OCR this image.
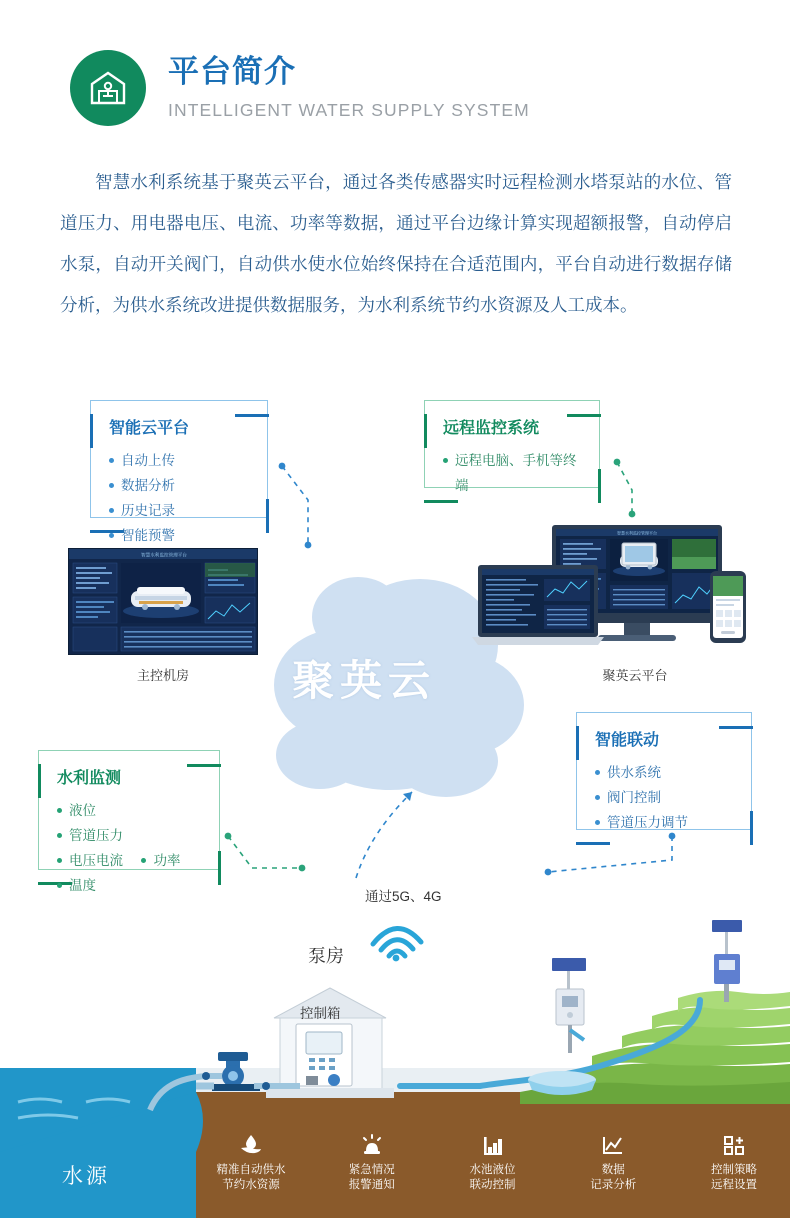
平台简介
INTELLIGENT WATER SUPPLY SYSTEM
智慧水利系统基于聚英云平台，通过各类传感器实时远程检测水塔泵站的水位、管道压力、用电器电压、电流、功率等数据，通过平台边缘计算实现超额报警，自动停启水泵，自动开关阀门，自动供水使水位始终保持在合适范围内，平台自动进行数据存储分析，为供水系统改进提供数据服务，为水利系统节约水资源及人工成本。
聚英云
智慧水利监控管理平台
主控机房
智慧水利监控管理平台
聚英云平台
智能云平台
自动上传 数据分析
历史记录 智能预警
远程监控系统
远程电脑、手机等终端
智能联动
供水系统 阀门控制
管道压力调节
水利监测
液位 管道压力
电压电流 功率
温度
通过5G、4G
泵房
控制箱
水源	精准自动供水
节约水资源
紧急情况
报警通知
水池液位
联动控制
数据
记录分析
控制策略
远程设置
